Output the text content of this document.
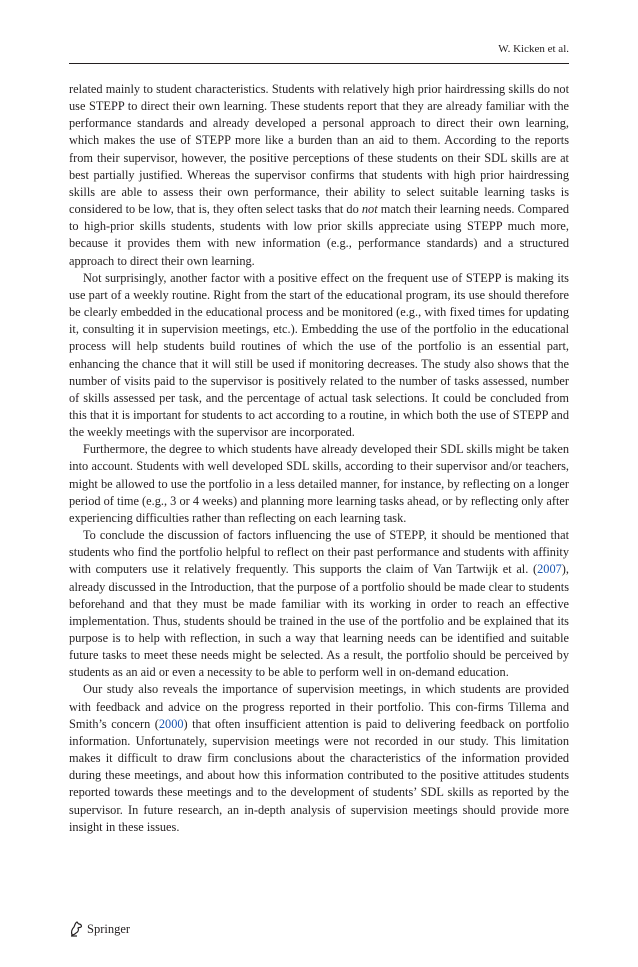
W. Kicken et al.

related mainly to student characteristics. Students with relatively high prior hairdressing skills do not use STEPP to direct their own learning. These students report that they are already familiar with the performance standards and already developed a personal approach to direct their own learning, which makes the use of STEPP more like a burden than an aid to them. According to the reports from their supervisor, however, the positive perceptions of these students on their SDL skills are at best partially justified. Whereas the supervisor confirms that students with high prior hairdressing skills are able to assess their own performance, their ability to select suitable learning tasks is considered to be low, that is, they often select tasks that do not match their learning needs. Compared to high-prior skills students, students with low prior skills appreciate using STEPP much more, because it provides them with new information (e.g., performance standards) and a structured approach to direct their own learning.

Not surprisingly, another factor with a positive effect on the frequent use of STEPP is making its use part of a weekly routine. Right from the start of the educational program, its use should therefore be clearly embedded in the educational process and be monitored (e.g., with fixed times for updating it, consulting it in supervision meetings, etc.). Embedding the use of the portfolio in the educational process will help students build routines of which the use of the portfolio is an essential part, enhancing the chance that it will still be used if monitoring decreases. The study also shows that the number of visits paid to the supervisor is positively related to the number of tasks assessed, number of skills assessed per task, and the percentage of actual task selections. It could be concluded from this that it is important for students to act according to a routine, in which both the use of STEPP and the weekly meetings with the supervisor are incorporated.

Furthermore, the degree to which students have already developed their SDL skills might be taken into account. Students with well developed SDL skills, according to their supervisor and/or teachers, might be allowed to use the portfolio in a less detailed manner, for instance, by reflecting on a longer period of time (e.g., 3 or 4 weeks) and planning more learning tasks ahead, or by reflecting only after experiencing difficulties rather than reflecting on each learning task.

To conclude the discussion of factors influencing the use of STEPP, it should be mentioned that students who find the portfolio helpful to reflect on their past performance and students with affinity with computers use it relatively frequently. This supports the claim of Van Tartwijk et al. (2007), already discussed in the Introduction, that the purpose of a portfolio should be made clear to students beforehand and that they must be made familiar with its working in order to reach an effective implementation. Thus, students should be trained in the use of the portfolio and be explained that its purpose is to help with reflection, in such a way that learning needs can be identified and suitable future tasks to meet these needs might be selected. As a result, the portfolio should be perceived by students as an aid or even a necessity to be able to perform well in on-demand education.

Our study also reveals the importance of supervision meetings, in which students are provided with feedback and advice on the progress reported in their portfolio. This con-firms Tillema and Smith’s concern (2000) that often insufficient attention is paid to delivering feedback on portfolio information. Unfortunately, supervision meetings were not recorded in our study. This limitation makes it difficult to draw firm conclusions about the characteristics of the information provided during these meetings, and about how this information contributed to the positive attitudes students reported towards these meetings and to the development of students’ SDL skills as reported by the supervisor. In future research, an in-depth analysis of supervision meetings should provide more insight in these issues.

Springer
